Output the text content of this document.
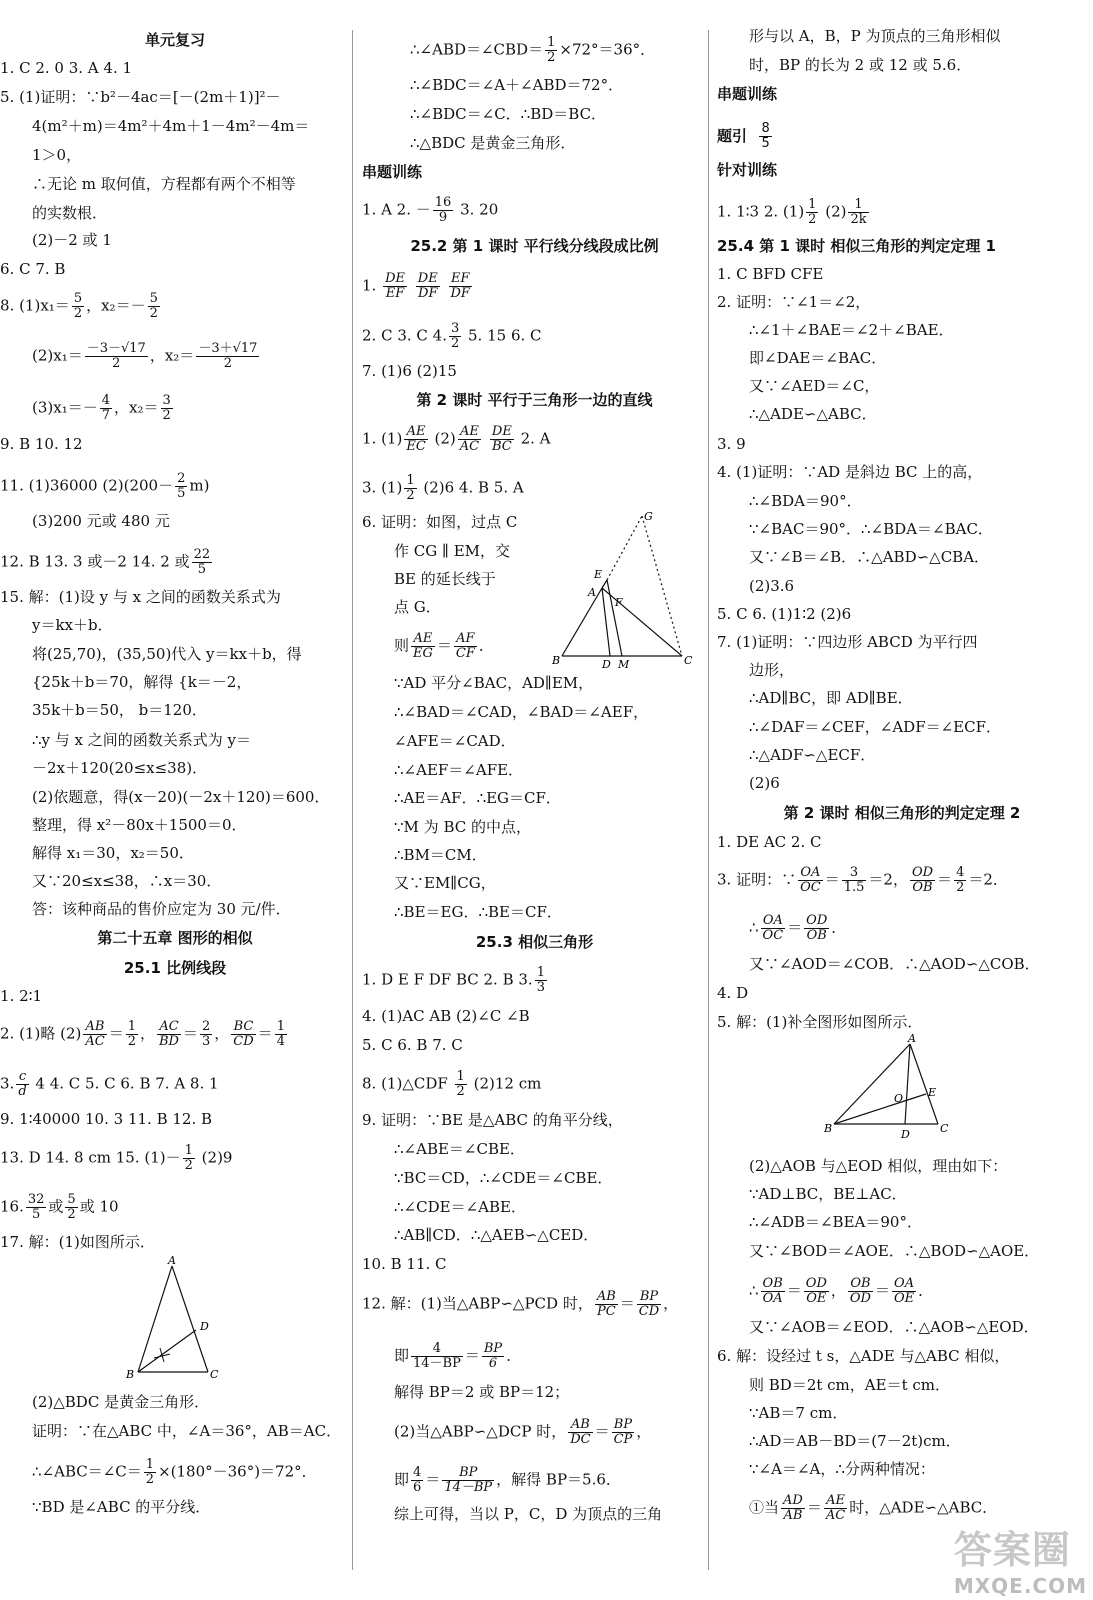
单元复习
1. C 2. 0 3. A 4. 1
5. (1)证明：∵b²－4ac＝[－(2m＋1)]²－
4(m²＋m)＝4m²＋4m＋1－4m²－4m＝
1＞0，
∴无论 m 取何值，方程都有两个不相等
的实数根．
(2)－2 或 1
6. C 7. B
8. $(1)x_1= \frac{5}{2}$ ，$x_2=- \frac{5}{2}$
$(2)x_1= \frac{-3-√17}{2}$ ，$x_2= \frac{-3+√17}{2}$
$(3)x_1=- \frac{4}{7}$ ，$x_2= \frac{3}{2}$
9. B 10. 12
11. (1)36000 $(2)(200- \frac{2}{5} m)$
(3)200 元或 480 元
12. B 13. 3 或－2 14. 2 或 $\frac{22}{5}$
15. 解：(1)设 y 与 x 之间的函数关系式为
y＝kx＋b．
将(25,70)，(35,50)代入 y＝kx＋b，得
{25k＋b＝70，解得 {k＝－2，
35k＋b＝50， b＝120．
∴y 与 x 之间的函数关系式为 y＝
－2x＋120(20≤x≤38)．
(2)依题意，得(x－20)(－2x＋120)＝600．
整理，得 x²－80x＋1500＝0．
解得 x₁＝30，x₂＝50．
又∵20≤x≤38，∴x＝30．
答：该种商品的售价应定为 30 元/件．
第二十五章 图形的相似
25.1 比例线段
1. 2∶1
2. (1)略 $(2) \frac{AB}{AC} = \frac{1}{2}$ ， $\frac{AC}{BD} = \frac{2}{3}$ ， $\frac{BC}{CD} = \frac{1}{4}$
3. $\frac{c}{d} 4$ 4. C 5. C 6. B 7. A 8. 1
9. 1∶40000 10. 3 11. B 12. B
13. D 14. 8 cm 15. $(1)- \frac{1}{2} (2)9$
16. $\frac{32}{5}$ 或 $\frac{5}{2}$ 或 10
17. 解：(1)如图所示．
A
B	C
D
(2)△BDC 是黄金三角形．
证明：∵在△ABC 中，∠A＝36°，AB＝AC．
∴∠ABC＝∠C＝ $\frac{1}{2} \times(180^\circ-36^\circ)=72^\circ$．
∵BD 是∠ABC 的平分线．
∴∠ABD＝∠CBD＝ $\frac{1}{2} \times 72^\circ=36^\circ$．
∴∠BDC＝∠A＋∠ABD＝72°．
∴∠BDC＝∠C．∴BD＝BC．
∴△BDC 是黄金三角形．
串题训练
1. A 2. － $\frac{16}{9} 3$. 20
25.2 第 1 课时 平行线分线段成比例
1. $\frac{DE}{EF}$
$\frac{DE}{DF}$
$\frac{EF}{DF}$
2. C 3. C 4. $\frac{3}{2} 5$. 15 6. C
7. (1)6 (2)15
第 2 课时 平行于三角形一边的直线
1. $(1) \frac{AE}{EC} (2) \frac{AE}{AC}$
$\frac{DE}{BC} 2$. A
3. $(1) \frac{1}{2} (2)6$ 4. B 5. A
6. 证明：如图，过点 C
作 CG ∥ EM，交
BE 的延长线于
点 G．
则 $\frac{AE}{EG} = \frac{AF}{CF}$ ．
G
E
A
F
B	D M	C
∵AD 平分∠BAC，AD∥EM，
∴∠BAD＝∠CAD，∠BAD＝∠AEF，
∠AFE＝∠CAD．
∴∠AEF＝∠AFE．
∴AE＝AF．∴EG＝CF．
∵M 为 BC 的中点，
∴BM＝CM．
又∵EM∥CG，
∴BE＝EG．∴BE＝CF．
25.3 相似三角形
1. D E F DF BC 2. B 3. $\frac{1}{3}$
4. (1)AC AB (2)∠C ∠B
5. C 6. B 7. C
8. (1)△CDF $\frac{1}{2} (2)12$ cm
9. 证明：∵BE 是△ABC 的角平分线，
∴∠ABE＝∠CBE．
∵BC＝CD，∴∠CDE＝∠CBE．
∴∠CDE＝∠ABE．
∴AB∥CD．∴△AEB∽△CED．
10. B 11. C
12. 解：(1)当△ABP∽△PCD 时， $\frac{AB}{PC} = \frac{BP}{CD}$ ，
即 $\frac{4}{14-BP} = \frac{BP}{6}$ ．
解得 BP＝2 或 BP＝12；
(2)当△ABP∽△DCP 时， $\frac{AB}{DC} = \frac{BP}{CP}$ ，
即 $\frac{4}{6} = \frac{BP}{14-BP}$ ，解得 BP＝5.6．
综上可得，当以 P，C，D 为顶点的三角
形与以 A，B，P 为顶点的三角形相似
时，BP 的长为 2 或 12 或 5.6．
串题训练
题引 $\frac{8}{5}$
针对训练
1. 1∶3 2. $(1) \frac{1}{2} (2) \frac{1}{2k}$
25.4 第 1 课时 相似三角形的判定定理 1
1. C BFD CFE
2. 证明：∵∠1＝∠2，
∴∠1＋∠BAE＝∠2＋∠BAE．
即∠DAE＝∠BAC．
又∵∠AED＝∠C，
∴△ADE∽△ABC．
3. 9
4. (1)证明：∵AD 是斜边 BC 上的高，
∴∠BDA＝90°．
∵∠BAC＝90°．∴∠BDA＝∠BAC．
又∵∠B＝∠B．∴△ABD∽△CBA．
(2)3.6
5. C 6. (1)1∶2 (2)6
7. (1)证明：∵四边形 ABCD 为平行四
边形，
∴AD∥BC，即 AD∥BE．
∴∠DAF＝∠CEF，∠ADF＝∠ECF．
∴△ADF∽△ECF．
(2)6
第 2 课时 相似三角形的判定定理 2
1. DE AC 2. C
3. 证明：∵ $\frac{OA}{OC} = \frac{3}{1.5} =2$， $\frac{OD}{OB} = \frac{4}{2} =2$．
∴ $\frac{OA}{OC} = \frac{OD}{OB}$ ．
又∵∠AOD＝∠COB．∴△AOD∽△COB．
4. D
5. 解：(1)补全图形如图所示．
A
O E
B	D	C
(2)△AOB 与△EOD 相似，理由如下：
∵AD⊥BC，BE⊥AC．
∴∠ADB＝∠BEA＝90°．
又∵∠BOD＝∠AOE．∴△BOD∽△AOE．
∴ $\frac{OB}{OA} = \frac{OD}{OE}$ ， $\frac{OB}{OD} = \frac{OA}{OE}$ ．
又∵∠AOB＝∠EOD．∴△AOB∽△EOD．
6. 解：设经过 t s，△ADE 与△ABC 相似，
则 BD＝2t cm，AE＝t cm．
∵AB＝7 cm．
∴AD＝AB－BD＝(7－2t)cm．
∵∠A＝∠A，∴分两种情况：
①当 $\frac{AD}{AB} = \frac{AE}{AC}$ 时，△ADE∽△ABC．
答案圈
MXQE.COM
